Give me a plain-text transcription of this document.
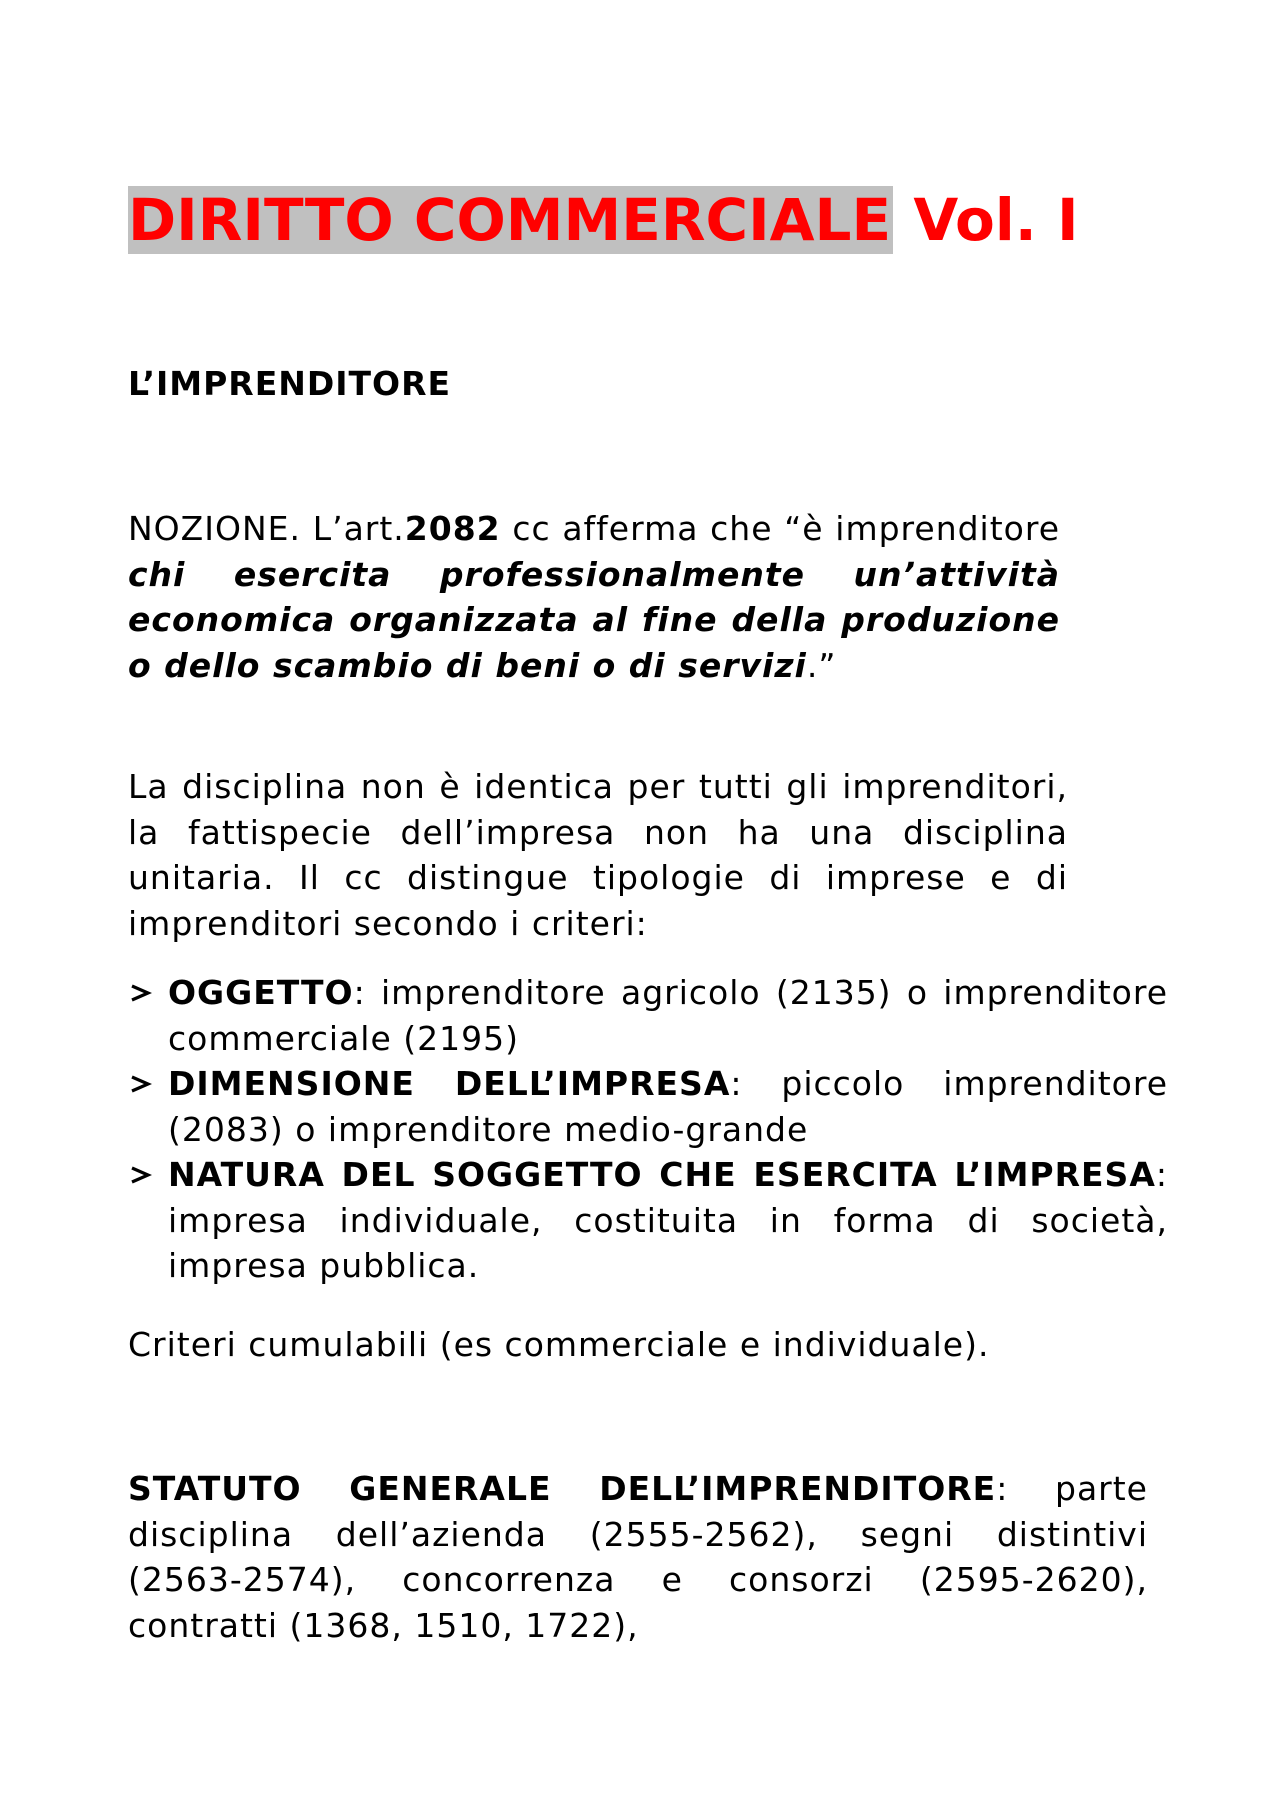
DIRITTO COMMERCIALE Vol. I
L’IMPRENDITORE

NOZIONE. L’art.2082 cc afferma che “è imprenditore chi esercita professionalmente un’attività economica organizzata al fine della produzione o dello scambio di beni o di servizi.”

La disciplina non è identica per tutti gli imprenditori, la fattispecie dell’impresa non ha una disciplina unitaria. Il cc distingue tipologie di imprese e di imprenditori secondo i criteri:

OGGETTO: imprenditore agricolo (2135) o imprenditore commerciale (2195)
DIMENSIONE DELL’IMPRESA: piccolo imprenditore (2083) o imprenditore medio-grande
NATURA DEL SOGGETTO CHE ESERCITA L’IMPRESA: impresa individuale, costituita in forma di società, impresa pubblica.

Criteri cumulabili (es commerciale e individuale).

STATUTO GENERALE DELL’IMPRENDITORE: parte disciplina dell’azienda (2555-2562), segni distintivi (2563-2574), concorrenza e consorzi (2595-2620), contratti (1368, 1510, 1722),
